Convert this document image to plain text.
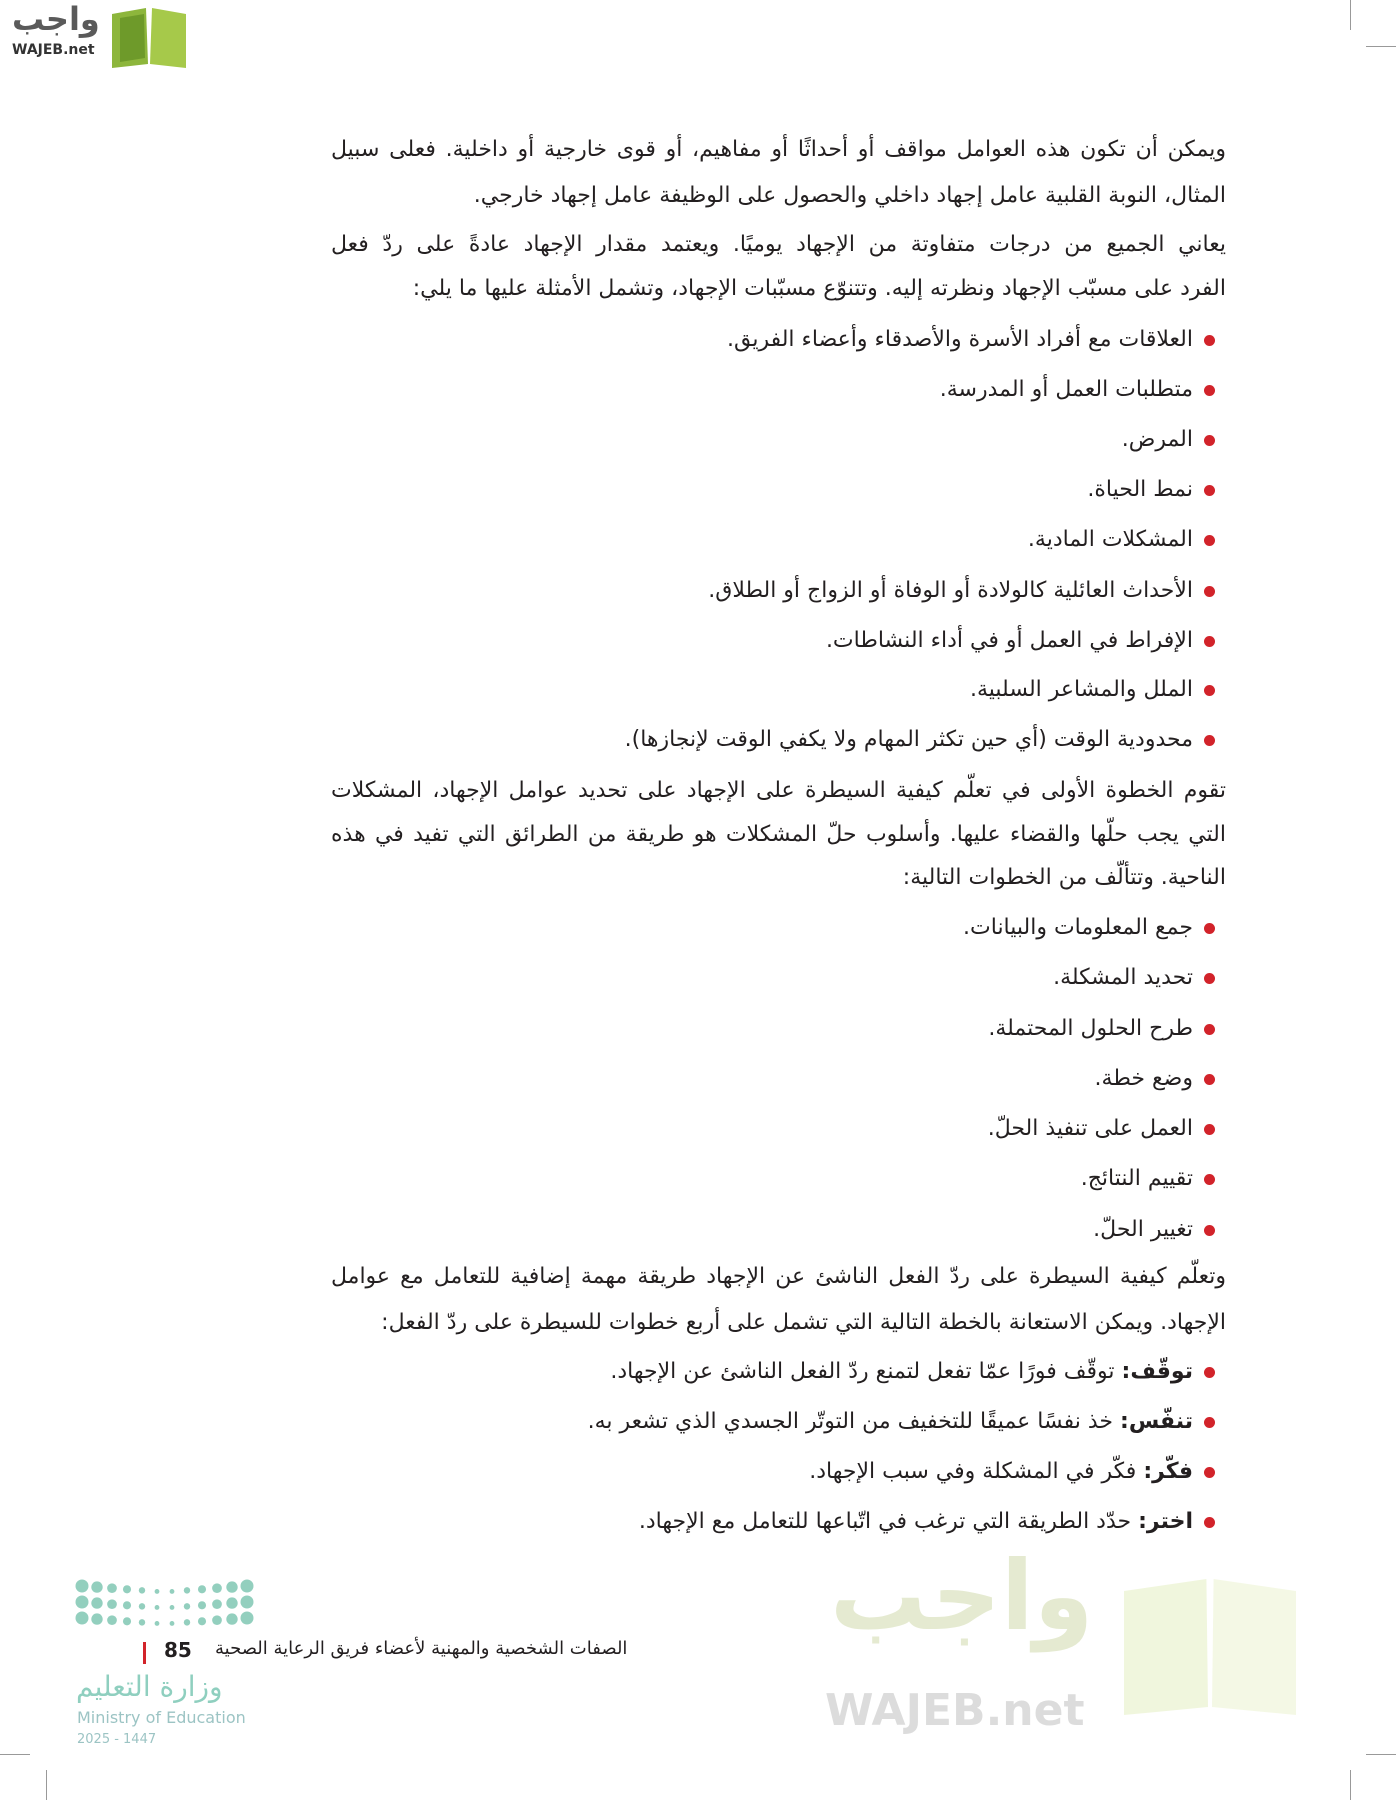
واجب
WAJEB.net
واجب
WAJEB.net
ويمكن أن تكون هذه العوامل مواقف أو أحداثًا أو مفاهيم، أو قوى خارجية أو داخلية. فعلى سبيل
المثال، النوبة القلبية عامل إجهاد داخلي والحصول على الوظيفة عامل إجهاد خارجي.
يعاني الجميع من درجات متفاوتة من الإجهاد يوميًا. ويعتمد مقدار الإجهاد عادةً على ردّ فعل
الفرد على مسبّب الإجهاد ونظرته إليه. وتتنوّع مسبّبات الإجهاد، وتشمل الأمثلة عليها ما يلي:
العلاقات مع أفراد الأسرة والأصدقاء وأعضاء الفريق.
متطلبات العمل أو المدرسة.
المرض.
نمط الحياة.
المشكلات المادية.
الأحداث العائلية كالولادة أو الوفاة أو الزواج أو الطلاق.
الإفراط في العمل أو في أداء النشاطات.
الملل والمشاعر السلبية.
محدودية الوقت (أي حين تكثر المهام ولا يكفي الوقت لإنجازها).
تقوم الخطوة الأولى في تعلّم كيفية السيطرة على الإجهاد على تحديد عوامل الإجهاد، المشكلات
التي يجب حلّها والقضاء عليها. وأسلوب حلّ المشكلات هو طريقة من الطرائق التي تفيد في هذه
الناحية. وتتألّف من الخطوات التالية:
جمع المعلومات والبيانات.
تحديد المشكلة.
طرح الحلول المحتملة.
وضع خطة.
العمل على تنفيذ الحلّ.
تقييم النتائج.
تغيير الحلّ.
وتعلّم كيفية السيطرة على ردّ الفعل الناشئ عن الإجهاد طريقة مهمة إضافية للتعامل مع عوامل
الإجهاد. ويمكن الاستعانة بالخطة التالية التي تشمل على أربع خطوات للسيطرة على ردّ الفعل:
توقّف: توقّف فورًا عمّا تفعل لتمنع ردّ الفعل الناشئ عن الإجهاد.
تنفّس: خذ نفسًا عميقًا للتخفيف من التوتّر الجسدي الذي تشعر به.
فكّر: فكّر في المشكلة وفي سبب الإجهاد.
اختر: حدّد الطريقة التي ترغب في اتّباعها للتعامل مع الإجهاد.
وزارة التعليم
Ministry of Education
2025 - 1447
85 الصفات الشخصية والمهنية لأعضاء فريق الرعاية الصحية
